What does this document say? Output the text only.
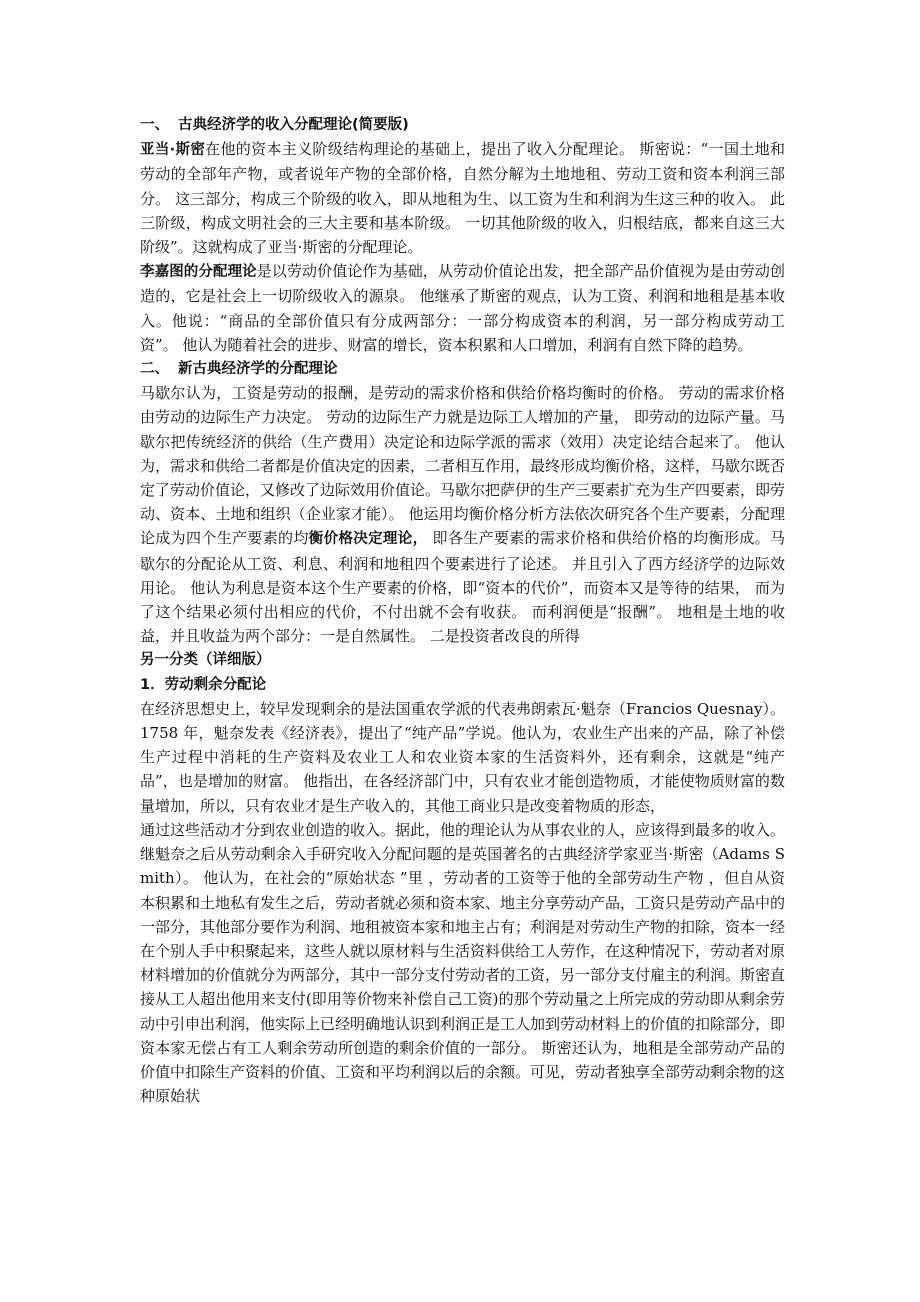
一、 古典经济学的收入分配理论(简要版)

亚当·斯密在他的资本主义阶级结构理论的基础上，提出了收入分配理论。 斯密说：“一国土地和劳动的全部年产物，或者说年产物的全部价格，自然分解为土地地租、劳动工资和资本利润三部分。 这三部分，构成三个阶级的收入，即从地租为生、以工资为生和利润为生这三种的收入。 此三阶级，构成文明社会的三大主要和基本阶级。 一切其他阶级的收入，归根结底，都来自这三大阶级”。这就构成了亚当·斯密的分配理论。

李嘉图的分配理论是以劳动价值论作为基础，从劳动价值论出发，把全部产品价值视为是由劳动创造的，它是社会上一切阶级收入的源泉。 他继承了斯密的观点，认为工资、利润和地租是基本收入。他说：“商品的全部价值只有分成两部分：一部分构成资本的利润，另一部分构成劳动工资”。 他认为随着社会的进步、财富的增长，资本积累和人口增加，利润有自然下降的趋势。

二、 新古典经济学的分配理论

马歇尔认为，工资是劳动的报酬，是劳动的需求价格和供给价格均衡时的价格。 劳动的需求价格由劳动的边际生产力决定。 劳动的边际生产力就是边际工人增加的产量， 即劳动的边际产量。马歇尔把传统经济的供给（生产费用）决定论和边际学派的需求（效用）决定论结合起来了。 他认为，需求和供给二者都是价值决定的因素，二者相互作用，最终形成均衡价格，这样，马歇尔既否定了劳动价值论，又修改了边际效用价值论。马歇尔把萨伊的生产三要素扩充为生产四要素，即劳动、资本、土地和组织（企业家才能）。 他运用均衡价格分析方法依次研究各个生产要素，分配理论成为四个生产要素的均衡价格决定理论， 即各生产要素的需求价格和供给价格的均衡形成。马歇尔的分配论从工资、利息、利润和地租四个要素进行了论述。 并且引入了西方经济学的边际效用论。 他认为利息是资本这个生产要素的价格，即“资本的代价”，而资本又是等待的结果， 而为了这个结果必须付出相应的代价，不付出就不会有收获。 而利润便是“报酬”。 地租是土地的收益，并且收益为两个部分：一是自然属性。 二是投资者改良的所得

另一分类（详细版）

1．劳动剩余分配论

在经济思想史上，较早发现剩余的是法国重农学派的代表弗朗索瓦·魁奈（Francios Quesnay）。 1758 年，魁奈发表《经济表》，提出了“纯产品”学说。他认为，农业生产出来的产品，除了补偿生产过程中消耗的生产资料及农业工人和农业资本家的生活资料外，还有剩余，这就是“纯产品”，也是增加的财富。 他指出，在各经济部门中，只有农业才能创造物质，才能使物质财富的数量增加，所以，只有农业才是生产收入的，其他工商业只是改变着物质的形态，

通过这些活动才分到农业创造的收入。据此，他的理论认为从事农业的人，应该得到最多的收入。继魁奈之后从劳动剩余入手研究收入分配问题的是英国著名的古典经济学家亚当·斯密（Adams Smith）。 他认为，在社会的“原始状态 ”里 ，劳动者的工资等于他的全部劳动生产物 ，但自从资本积累和土地私有发生之后，劳动者就必须和资本家、地主分享劳动产品，工资只是劳动产品中的一部分，其他部分要作为利润、地租被资本家和地主占有；利润是对劳动生产物的扣除，资本一经在个别人手中积聚起来，这些人就以原材料与生活资料供给工人劳作，在这种情况下，劳动者对原材料增加的价值就分为两部分，其中一部分支付劳动者的工资，另一部分支付雇主的利润。斯密直接从工人超出他用来支付(即用等价物来补偿自己工资)的那个劳动量之上所完成的劳动即从剩余劳动中引申出利润，他实际上已经明确地认识到利润正是工人加到劳动材料上的价值的扣除部分，即资本家无偿占有工人剩余劳动所创造的剩余价值的一部分。 斯密还认为，地租是全部劳动产品的价值中扣除生产资料的价值、工资和平均利润以后的余额。可见，劳动者独享全部劳动剩余物的这种原始状
